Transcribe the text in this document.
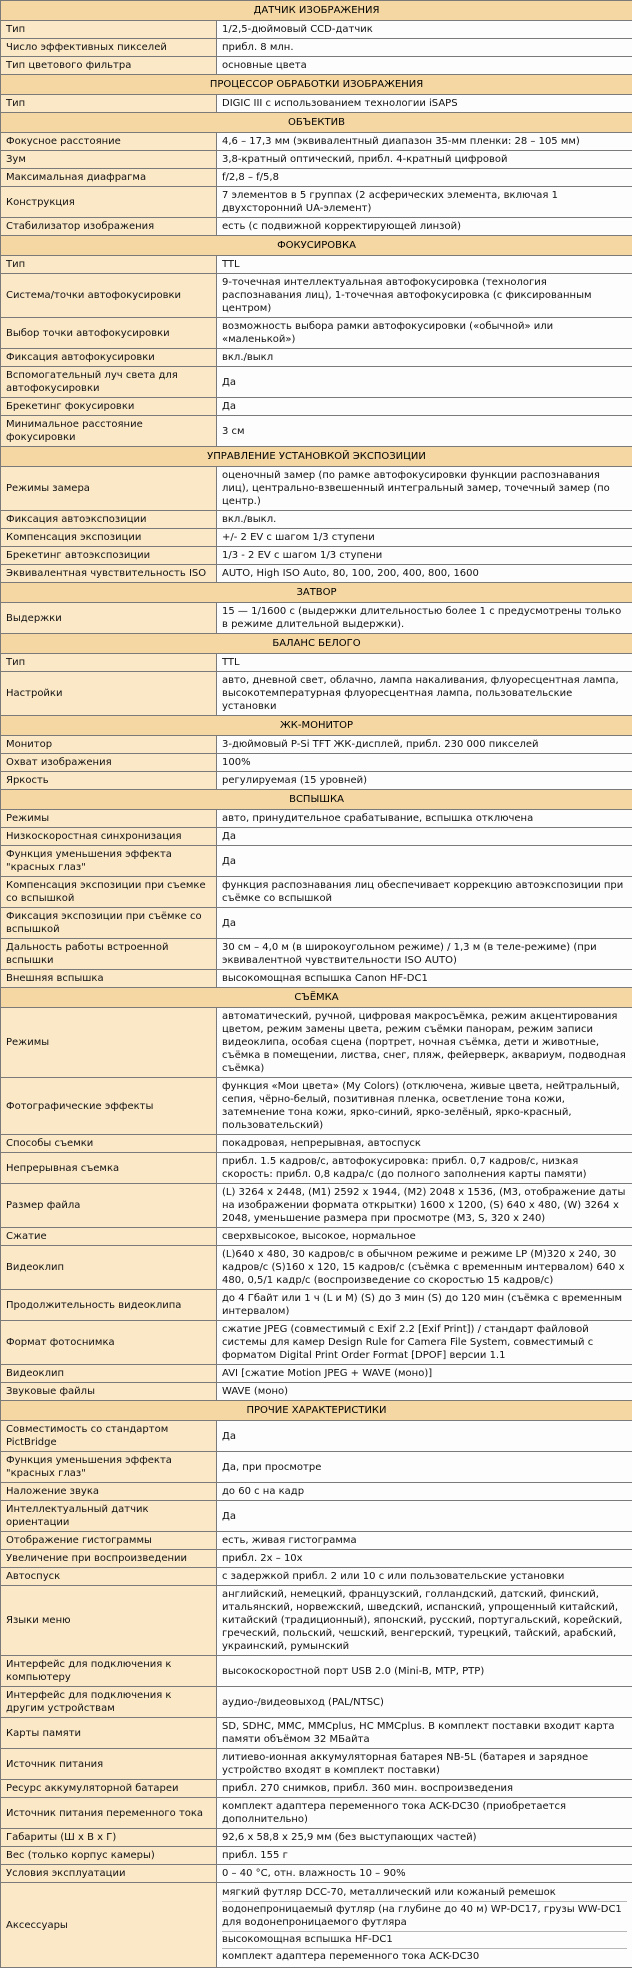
ДАТЧИК ИЗОБРАЖЕНИЯ	
Тип	1/2,5-дюймовый CCD-датчик
Число эффективных пикселей	прибл. 8 млн.
Тип цветового фильтра	основные цвета
ПРОЦЕССОР ОБРАБОТКИ ИЗОБРАЖЕНИЯ	
Тип	DIGIC III с использованием технологии iSAPS
ОБЪЕКТИВ	
Фокусное расстояние	4,6 – 17,3 мм (эквивалентный диапазон 35-мм пленки: 28 – 105 мм)
Зум	3,8-кратный оптический, прибл. 4-кратный цифровой
Максимальная диафрагма	f/2,8 – f/5,8
Конструкция	7 элементов в 5 группах (2 асферических элемента, включая 1 двухсторонний UA-элемент)
Стабилизатор изображения	есть (с подвижной корректирующей линзой)
ФОКУСИРОВКА	
Тип	TTL
Система/точки автофокусировки	9-точечная интеллектуальная автофокусировка (технология распознавания лиц), 1-точечная автофокусировка (с фиксированным центром)
Выбор точки автофокусировки	возможность выбора рамки автофокусировки («обычной» или «маленькой»)
Фиксация автофокусировки	вкл./выкл
Вспомогательный луч света для автофокусировки	Да
Брекетинг фокусировки	Да
Минимальное расстояние фокусировки	3 см
УПРАВЛЕНИЕ УСТАНОВКОЙ ЭКСПОЗИЦИИ	
Режимы замера	оценочный замер (по рамке автофокусировки функции распознавания лиц), центрально-взвешенный интегральный замер, точечный замер (по центр.)
Фиксация автоэкспозиции	вкл./выкл.
Компенсация экспозиции	+/- 2 EV с шагом 1/3 ступени
Брекетинг автоэкспозиции	1/3 - 2 EV с шагом 1/3 ступени
Эквивалентная чувствительность ISO	AUTO, High ISO Auto, 80, 100, 200, 400, 800, 1600
ЗАТВОР	
Выдержки	15 — 1/1600 с (выдержки длительностью более 1 с предусмотрены только в режиме длительной выдержки).
БАЛАНС БЕЛОГО	
Тип	TTL
Настройки	авто, дневной свет, облачно, лампа накаливания, флуоресцентная лампа, высокотемпературная флуоресцентная лампа, пользовательские установки
ЖК-МОНИТОР	
Монитор	3-дюймовый P-Si TFT ЖК-дисплей, прибл. 230 000 пикселей
Охват изображения	100%
Яркость	регулируемая (15 уровней)
ВСПЫШКА	
Режимы	авто, принудительное срабатывание, вспышка отключена
Низкоскоростная синхронизация	Да
Функция уменьшения эффекта "красных глаз"	Да
Компенсация экспозиции при съемке со вспышкой	функция распознавания лиц обеспечивает коррекцию автоэкспозиции при съёмке со вспышкой
Фиксация экспозиции при съёмке со вспышкой	Да
Дальность работы встроенной вспышки	30 см – 4,0 м (в широкоугольном режиме) / 1,3 м (в теле-режиме) (при эквивалентной чувствительности ISO AUTO)
Внешняя вспышка	высокомощная вспышка Canon HF-DC1
СЪЁМКА	
Режимы	автоматический, ручной, цифровая макросъёмка, режим акцентирования цветом, режим замены цвета, режим съёмки панорам, режим записи видеоклипа, особая сцена (портрет, ночная съёмка, дети и животные, съёмка в помещении, листва, снег, пляж, фейерверк, аквариум, подводная съёмка)
Фотографические эффекты	функция «Мои цвета» (My Colors) (отключена, живые цвета, нейтральный, сепия, чёрно-белый, позитивная пленка, осветление тона кожи, затемнение тона кожи, ярко-синий, ярко-зелёный, ярко-красный, пользовательский)
Способы съемки	покадровая, непрерывная, автоспуск
Непрерывная съемка	прибл. 1.5 кадров/с, автофокусировка: прибл. 0,7 кадров/с, низкая скорость: прибл. 0,8 кадра/с (до полного заполнения карты памяти)
Размер файла	(L) 3264 x 2448, (M1) 2592 x 1944, (M2) 2048 x 1536, (M3, отображение даты на изображении формата открытки) 1600 x 1200, (S) 640 x 480, (W) 3264 x 2048, уменьшение размера при просмотре (M3, S, 320 x 240)
Сжатие	сверхвысокое, высокое, нормальное
Видеоклип	(L)640 x 480, 30 кадров/с в обычном режиме и режиме LP (M)320 x 240, 30 кадров/с (S)160 x 120, 15 кадров/с (съёмка с временным интервалом) 640 x 480, 0,5/1 кадр/с (воспроизведение со скоростью 15 кадров/с)
Продолжительность видеоклипа	до 4 Гбайт или 1 ч (L и M) (S) до 3 мин (S) до 120 мин (съёмка с временным интервалом)
Формат фотоснимка	сжатие JPEG (совместимый с Exif 2.2 [Exif Print]) / стандарт файловой системы для камер Design Rule for Camera File System, совместимый с форматом Digital Print Order Format [DPOF] версии 1.1
Видеоклип	AVI [сжатие Motion JPEG + WAVE (моно)]
Звуковые файлы	WAVE (моно)
ПРОЧИЕ ХАРАКТЕРИСТИКИ	
Совместимость со стандартом PictBridge	Да
Функция уменьшения эффекта "красных глаз"	Да, при просмотре
Наложение звука	до 60 с на кадр
Интеллектуальный датчик ориентации	Да
Отображение гистограммы	есть, живая гистограмма
Увеличение при воспроизведении	прибл. 2x – 10x
Автоспуск	с задержкой прибл. 2 или 10 с или пользовательские установки
Языки меню	английский, немецкий, французский, голландский, датский, финский, итальянский, норвежский, шведский, испанский, упрощенный китайский, китайский (традиционный), японский, русский, португальский, корейский, греческий, польский, чешский, венгерский, турецкий, тайский, арабский, украинский, румынский
Интерфейс для подключения к компьютеру	высокоскоростной порт USB 2.0 (Mini-B, MTP, PTP)
Интерфейс для подключения к другим устройствам	аудио-/видеовыход (PAL/NTSC)
Карты памяти	SD, SDHC, MMC, MMCplus, HC MMCplus. В комплект поставки входит карта памяти объёмом 32 МБайта
Источник питания	литиево-ионная аккумуляторная батарея NB-5L (батарея и зарядное устройство входят в комплект поставки)
Ресурс аккумуляторной батареи	прибл. 270 снимков, прибл. 360 мин. воспроизведения
Источник питания переменного тока	комплект адаптера переменного тока ACK-DC30 (приобретается дополнительно)
Габариты (Ш x В x Г)	92,6 x 58,8 x 25,9 мм (без выступающих частей)
Вес (только корпус камеры)	прибл. 155 г
Условия эксплуатации	0 – 40 °C, отн. влажность 10 – 90%
Аксессуары	мягкий футляр DCC-70, металлический или кожаный ремешок
водонепроницаемый футляр (на глубине до 40 м) WP-DC17, грузы WW-DC1 для водонепроницаемого футляра
высокомощная вспышка HF-DC1
комплект адаптера переменного тока ACK-DC30
